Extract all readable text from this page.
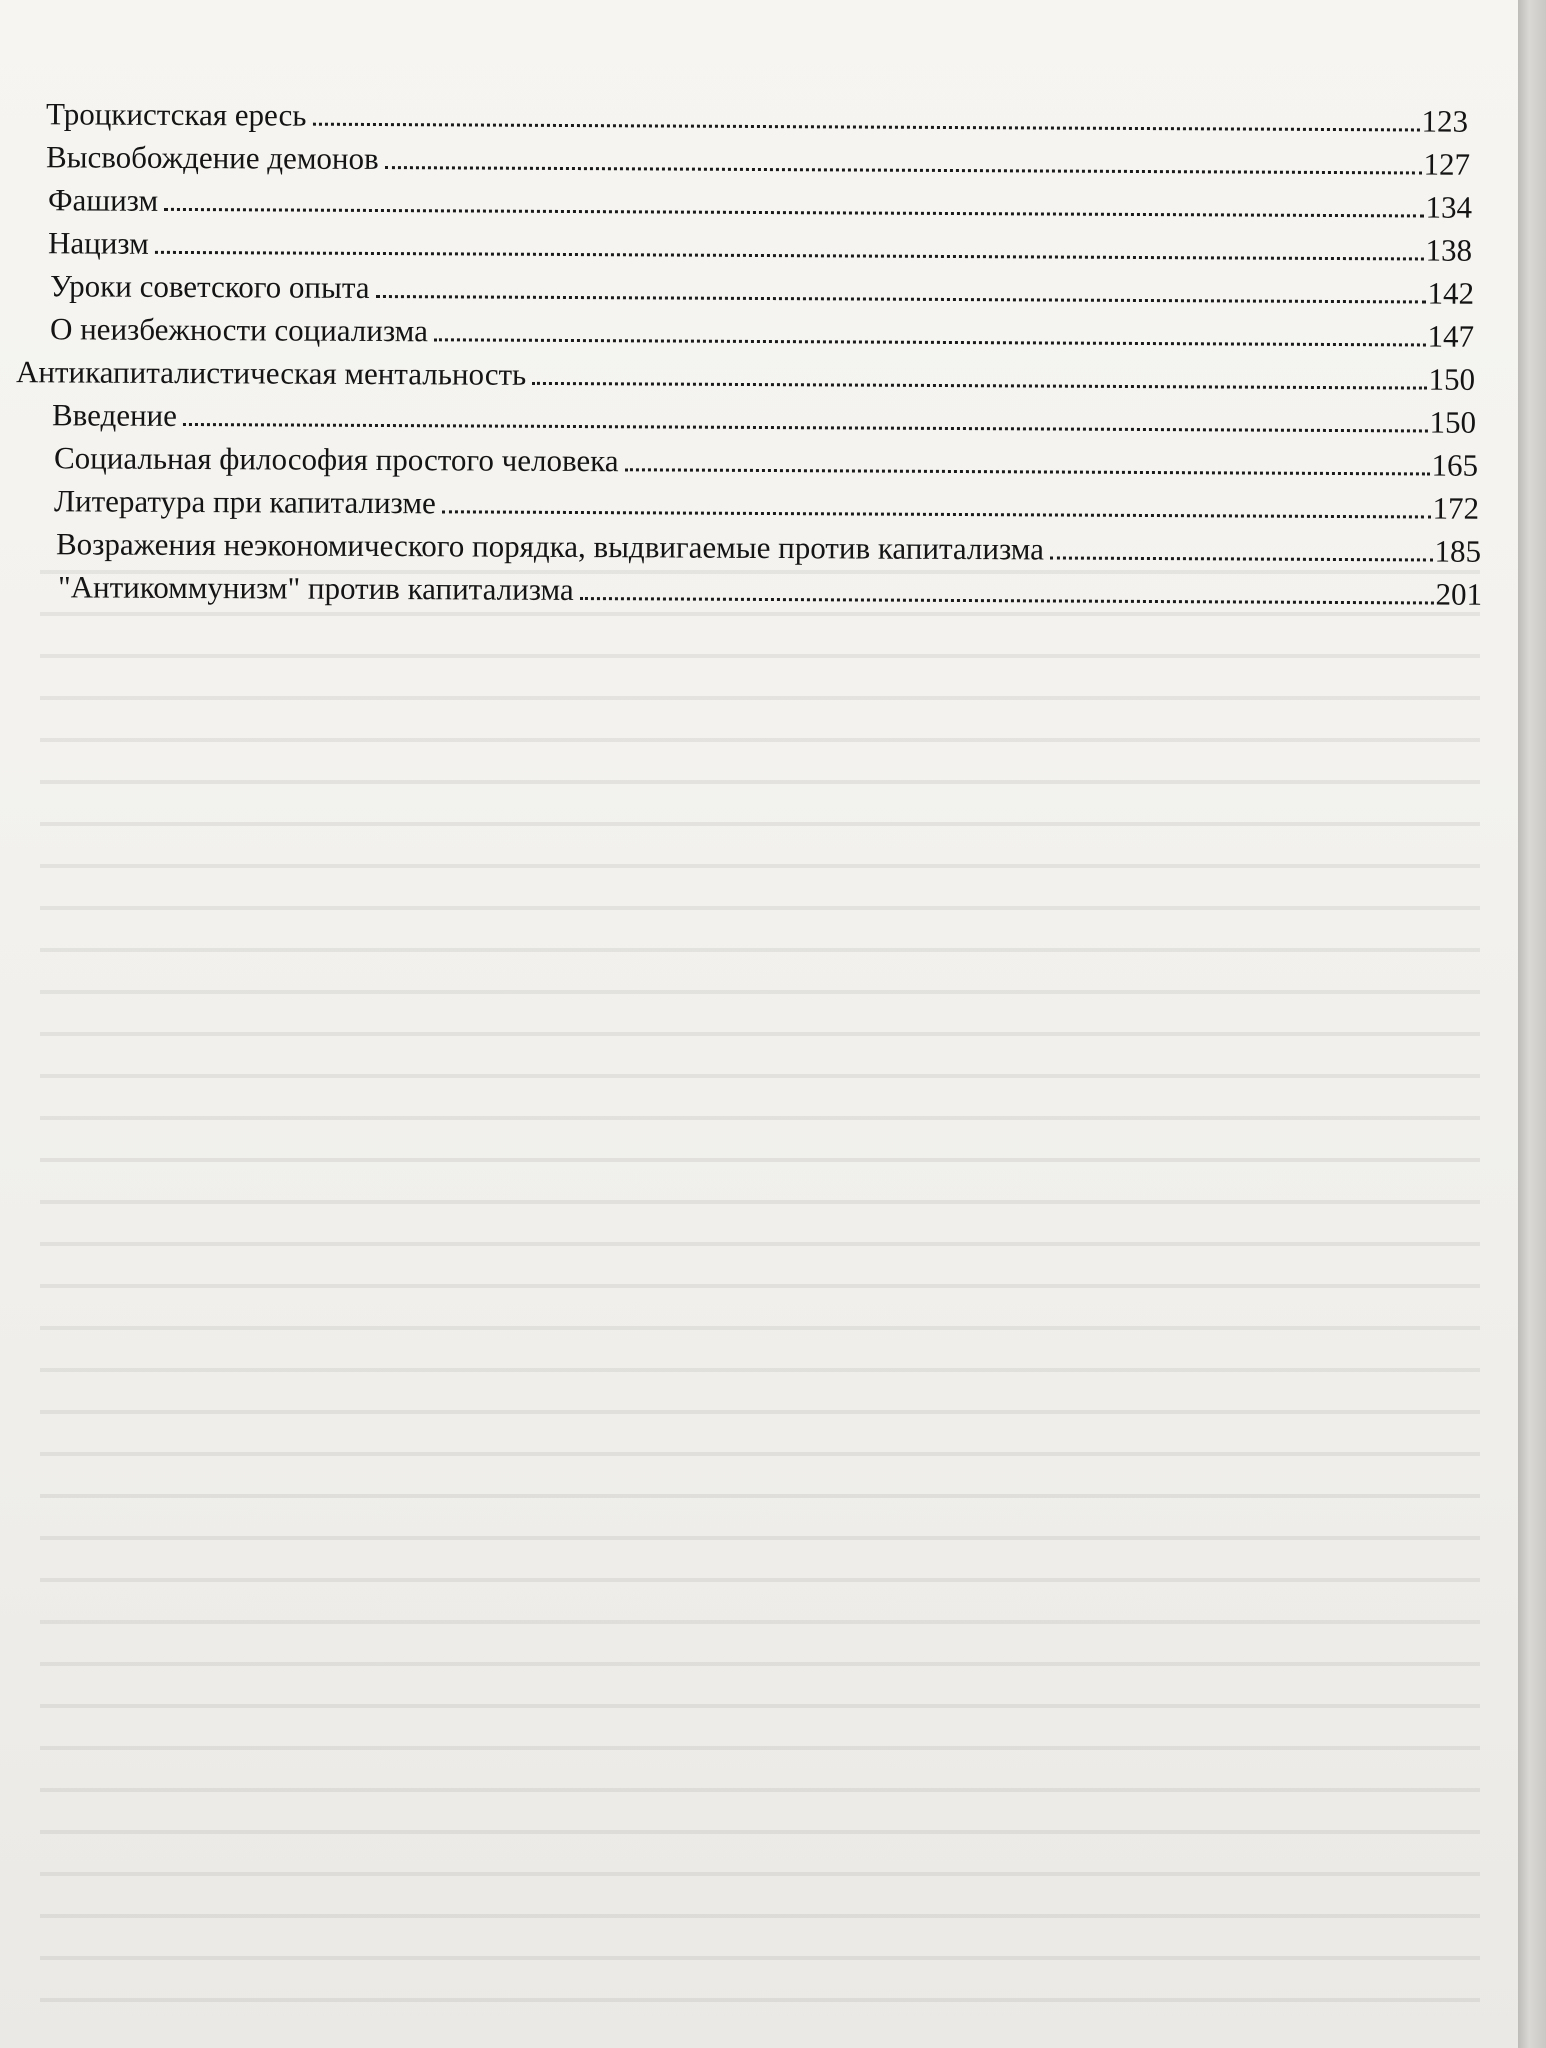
Троцкистская ересь	123
Высвобождение демонов	127
Фашизм	134
Нацизм	138
Уроки советского опыта	142
О неизбежности социализма	147
Антикапиталистическая ментальность	150
Введение	150
Социальная философия простого человека	165
Литература при капитализме	172
Возражения неэкономического порядка, выдвигаемые против капитализма	185
"Антикоммунизм" против капитализма	201
